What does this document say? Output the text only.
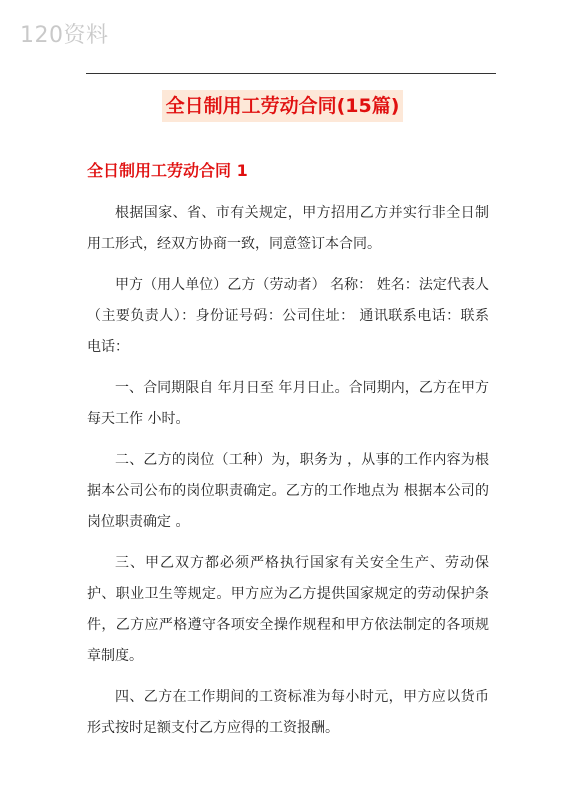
120资料
全日制用工劳动合同(15篇)
全日制用工劳动合同 1

根据国家、省、市有关规定，甲方招用乙方并实行非全日制用工形式，经双方协商一致，同意签订本合同。

甲方（用人单位）乙方（劳动者） 名称： 姓名：法定代表人（主要负责人）：身份证号码：公司住址： 通讯联系电话：联系电话：

一、合同期限自 年月日至 年月日止。合同期内，乙方在甲方每天工作 小时。

二、乙方的岗位（工种）为，职务为 ，从事的工作内容为根据本公司公布的岗位职责确定。乙方的工作地点为 根据本公司的岗位职责确定 。

三、甲乙双方都必须严格执行国家有关安全生产、劳动保护、职业卫生等规定。甲方应为乙方提供国家规定的劳动保护条件，乙方应严格遵守各项安全操作规程和甲方依法制定的各项规章制度。

四、乙方在工作期间的工资标准为每小时元，甲方应以货币形式按时足额支付乙方应得的工资报酬。
